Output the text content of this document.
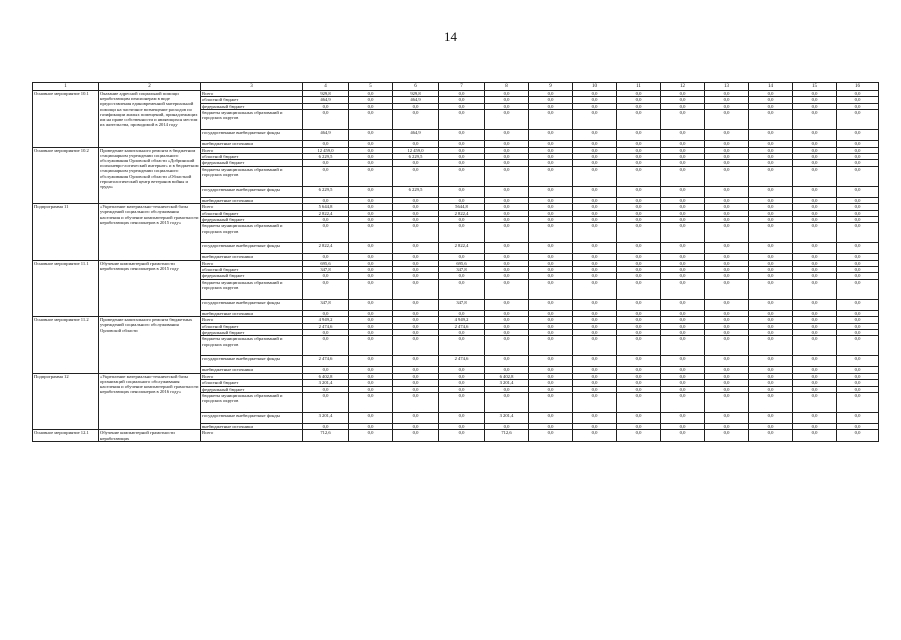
14
1	2	3	4	5	6	7	8	9	10	11	12	13	14	15	16
Основное мероприятие 10.1	Оказание адресной социальной помощи неработающим пенсионерам в виде предоставления единовременной материальной помощи на частичное возмещение расходов по газификации жилых помещений, принадлежащих им на праве собственности и являющихся местом их жительства, проводимой в 2014 году	Всего	929,8	0,0	929,8	0,0	0,0	0,0	0,0	0,0	0,0	0,0	0,0	0,0	0,0
		областной бюджет	464,9	0,0	464,9	0,0	0,0	0,0	0,0	0,0	0,0	0,0	0,0	0,0	0,0
		федеральный бюджет	0,0	0,0	0,0	0,0	0,0	0,0	0,0	0,0	0,0	0,0	0,0	0,0	0,0
		бюджеты муниципальных образований и городских округов	0,0	0,0	0,0	0,0	0,0	0,0	0,0	0,0	0,0	0,0	0,0	0,0	0,0
		государственные внебюджетные фонды	464,9	0,0	464,9	0,0	0,0	0,0	0,0	0,0	0,0	0,0	0,0	0,0	0,0
		внебюджетные источники	0,0	0,0	0,0	0,0	0,0	0,0	0,0	0,0	0,0	0,0	0,0	0,0	0,0
Основное мероприятие 10.2	Проведение капитального ремонта в бюджетном стационарном учреждении социального обслуживания Орловской области «Добринский психоневро-логический интернат» и в бюджетном стационарном учреждении социального обслуживания Орловской области «Областной геронтологический центр ветеранов войны и труда»	Всего	12 459,0	0,0	12 459,0	0,0	0,0	0,0	0,0	0,0	0,0	0,0	0,0	0,0	0,0
		областной бюджет	6 229,5	0,0	6 229,5	0,0	0,0	0,0	0,0	0,0	0,0	0,0	0,0	0,0	0,0
		федеральный бюджет	0,0	0,0	0,0	0,0	0,0	0,0	0,0	0,0	0,0	0,0	0,0	0,0	0,0
		бюджеты муниципальных образований и городских округов	0,0	0,0	0,0	0,0	0,0	0,0	0,0	0,0	0,0	0,0	0,0	0,0	0,0
		государственные внебюджетные фонды	6 229,5	0,0	6 229,5	0,0	0,0	0,0	0,0	0,0	0,0	0,0	0,0	0,0	0,0
		внебюджетные источники	0,0	0,0	0,0	0,0	0,0	0,0	0,0	0,0	0,0	0,0	0,0	0,0	0,0
Подпрограмма 11	«Укрепление материально-технической базы учреждений социального обслуживания населения и обучение компьютерной грамотности неработающих пенсионеров в 2015 году»	Всего	5 644,8	0,0	0,0	5644,8	0,0	0,0	0,0	0,0	0,0	0,0	0,0	0,0	0,0
		областной бюджет	2 822,4	0,0	0,0	2 822,4	0,0	0,0	0,0	0,0	0,0	0,0	0,0	0,0	0,0
		федеральный бюджет	0,0	0,0	0,0	0,0	0,0	0,0	0,0	0,0	0,0	0,0	0,0	0,0	0,0
		бюджеты муниципальных образований и городских округов	0,0	0,0	0,0	0,0	0,0	0,0	0,0	0,0	0,0	0,0	0,0	0,0	0,0
		государственные внебюджетные фонды	2 822,4	0,0	0,0	2 822,4	0,0	0,0	0,0	0,0	0,0	0,0	0,0	0,0	0,0
		внебюджетные источники	0,0	0,0	0,0	0,0	0,0	0,0	0,0	0,0	0,0	0,0	0,0	0,0	0,0
Основное мероприятие 11.1	Обучение компьютерной грамотности неработающих пенсионеров в 2015 году	Всего	695,6	0,0	0,0	695,6	0,0	0,0	0,0	0,0	0,0	0,0	0,0	0,0	0,0
		областной бюджет	347,8	0,0	0,0	347,8	0,0	0,0	0,0	0,0	0,0	0,0	0,0	0,0	0,0
		федеральный бюджет	0,0	0,0	0,0	0,0	0,0	0,0	0,0	0,0	0,0	0,0	0,0	0,0	0,0
		бюджеты муниципальных образований и городских округов	0,0	0,0	0,0	0,0	0,0	0,0	0,0	0,0	0,0	0,0	0,0	0,0	0,0
		государственные внебюджетные фонды	347,8	0,0	0,0	347,8	0,0	0,0	0,0	0,0	0,0	0,0	0,0	0,0	0,0
		внебюджетные источники	0,0	0,0	0,0	0,0	0,0	0,0	0,0	0,0	0,0	0,0	0,0	0,0	0,0
Основное мероприятие 11.2	Проведение капитального ремонта бюджетных учреждений социального обслуживания Орловской области	Всего	4 949,2	0,0	0,0	4 949,2	0,0	0,0	0,0	0,0	0,0	0,0	0,0	0,0	0,0
		областной бюджет	2 474,6	0,0	0,0	2 474,6	0,0	0,0	0,0	0,0	0,0	0,0	0,0	0,0	0,0
		федеральный бюджет	0,0	0,0	0,0	0,0	0,0	0,0	0,0	0,0	0,0	0,0	0,0	0,0	0,0
		бюджеты муниципальных образований и городских округов	0,0	0,0	0,0	0,0	0,0	0,0	0,0	0,0	0,0	0,0	0,0	0,0	0,0
		государственные внебюджетные фонды	2 474,6	0,0	0,0	2 474,6	0,0	0,0	0,0	0,0	0,0	0,0	0,0	0,0	0,0
		внебюджетные источники	0,0	0,0	0,0	0,0	0,0	0,0	0,0	0,0	0,0	0,0	0,0	0,0	0,0
Подпрограмма 12	«Укрепление материально-технической базы организаций социального обслуживания населения и обучение компьютерной грамотности неработающих пенсионеров в 2016 году»	Всего	6 402,8	0,0	0,0	0,0	6 402,8	0,0	0,0	0,0	0,0	0,0	0,0	0,0	0,0
		областной бюджет	3 201,4	0,0	0,0	0,0	3 201,4	0,0	0,0	0,0	0,0	0,0	0,0	0,0	0,0
		федеральный бюджет	0,0	0,0	0,0	0,0	0,0	0,0	0,0	0,0	0,0	0,0	0,0	0,0	0,0
		бюджеты муниципальных образований и городских округов	0,0	0,0	0,0	0,0	0,0	0,0	0,0	0,0	0,0	0,0	0,0	0,0	0,0
		государственные внебюджетные фонды	3 201,4	0,0	0,0	0,0	3 201,4	0,0	0,0	0,0	0,0	0,0	0,0	0,0	0,0
		внебюджетные источники	0,0	0,0	0,0	0,0	0,0	0,0	0,0	0,0	0,0	0,0	0,0	0,0	0,0
Основное мероприятие 12.1	Обучение компьютерной грамотности неработающих	Всего	712,6	0,0	0,0	0,0	712,6	0,0	0,0	0,0	0,0	0,0	0,0	0,0	0,0
